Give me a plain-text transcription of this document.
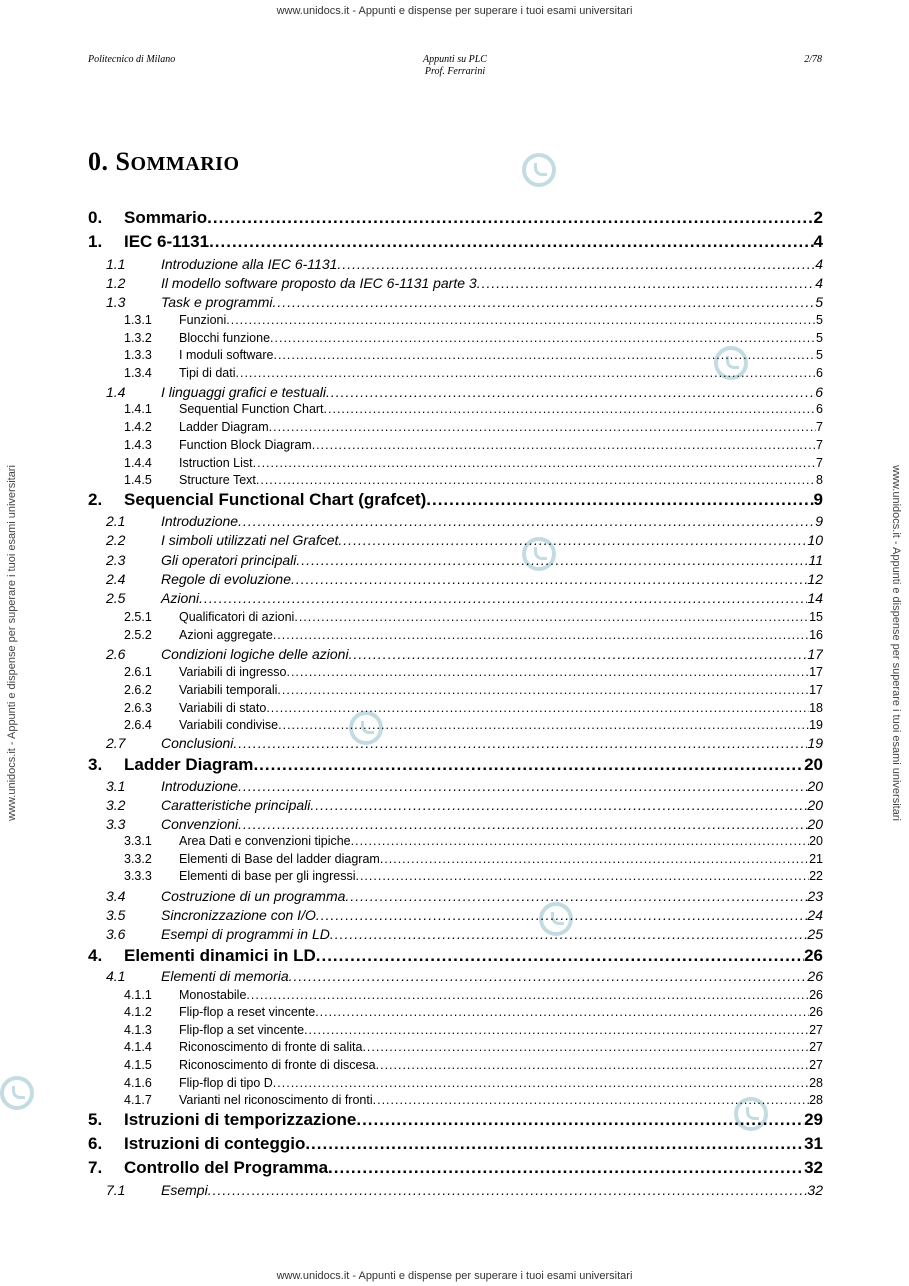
www.unidocs.it - Appunti e dispense per superare i tuoi esami universitari
www.unidocs.it - Appunti e dispense per superare i tuoi esami universitari
www.unidocs.it - Appunti e dispense per superare i tuoi esami universitari	www.unidocs.it - Appunti e dispense per superare i tuoi esami universitari
Politecnico di Milano	Appunti su PLC
Prof. Ferrarini
2/78
0. SOMMARIO
0.	Sommario .....	2
1.	IEC 6-1131 .....	4
1.1	Introduzione alla IEC 6-1131 .....	4
1.2	Il modello software proposto da IEC 6-1131 parte 3 .....	4
1.3	Task e programmi .....	5
1.3.1	Funzioni .....	5
1.3.2	Blocchi funzione .....	5
1.3.3	I moduli software .....	5
1.3.4	Tipi di dati .....	6
1.4	I linguaggi grafici e testuali .....	6
1.4.1	Sequential Function Chart .....	6
1.4.2	Ladder Diagram .....	7
1.4.3	Function Block Diagram .....	7
1.4.4	Istruction List .....	7
1.4.5	Structure Text .....	8
2.	Sequencial Functional Chart (grafcet) .....	9
2.1	Introduzione .....	9
2.2	I simboli utilizzati nel Grafcet .....	10
2.3	Gli operatori principali .....	11
2.4	Regole di evoluzione .....	12
2.5	Azioni .....	14
2.5.1	Qualificatori di azioni .....	15
2.5.2	Azioni aggregate .....	16
2.6	Condizioni logiche delle azioni .....	17
2.6.1	Variabili di ingresso .....	17
2.6.2	Variabili temporali .....	17
2.6.3	Variabili di stato .....	18
2.6.4	Variabili condivise .....	19
2.7	Conclusioni .....	19
3.	Ladder Diagram .....	20
3.1	Introduzione .....	20
3.2	Caratteristiche principali .....	20
3.3	Convenzioni .....	20
3.3.1	Area Dati e convenzioni tipiche .....	20
3.3.2	Elementi di Base del ladder diagram .....	21
3.3.3	Elementi di base per gli ingressi .....	22
3.4	Costruzione di un programma .....	23
3.5	Sincronizzazione con I/O .....	24
3.6	Esempi di programmi in LD .....	25
4.	Elementi dinamici in LD .....	26
4.1	Elementi di memoria .....	26
4.1.1	Monostabile .....	26
4.1.2	Flip-flop a reset vincente .....	26
4.1.3	Flip-flop a set vincente .....	27
4.1.4	Riconoscimento di fronte di salita .....	27
4.1.5	Riconoscimento di fronte di discesa .....	27
4.1.6	Flip-flop di tipo D .....	28
4.1.7	Varianti nel riconoscimento di fronti .....	28
5.	Istruzioni di temporizzazione .....	29
6.	Istruzioni di conteggio .....	31
7.	Controllo del Programma .....	32
7.1	Esempi .....	32
